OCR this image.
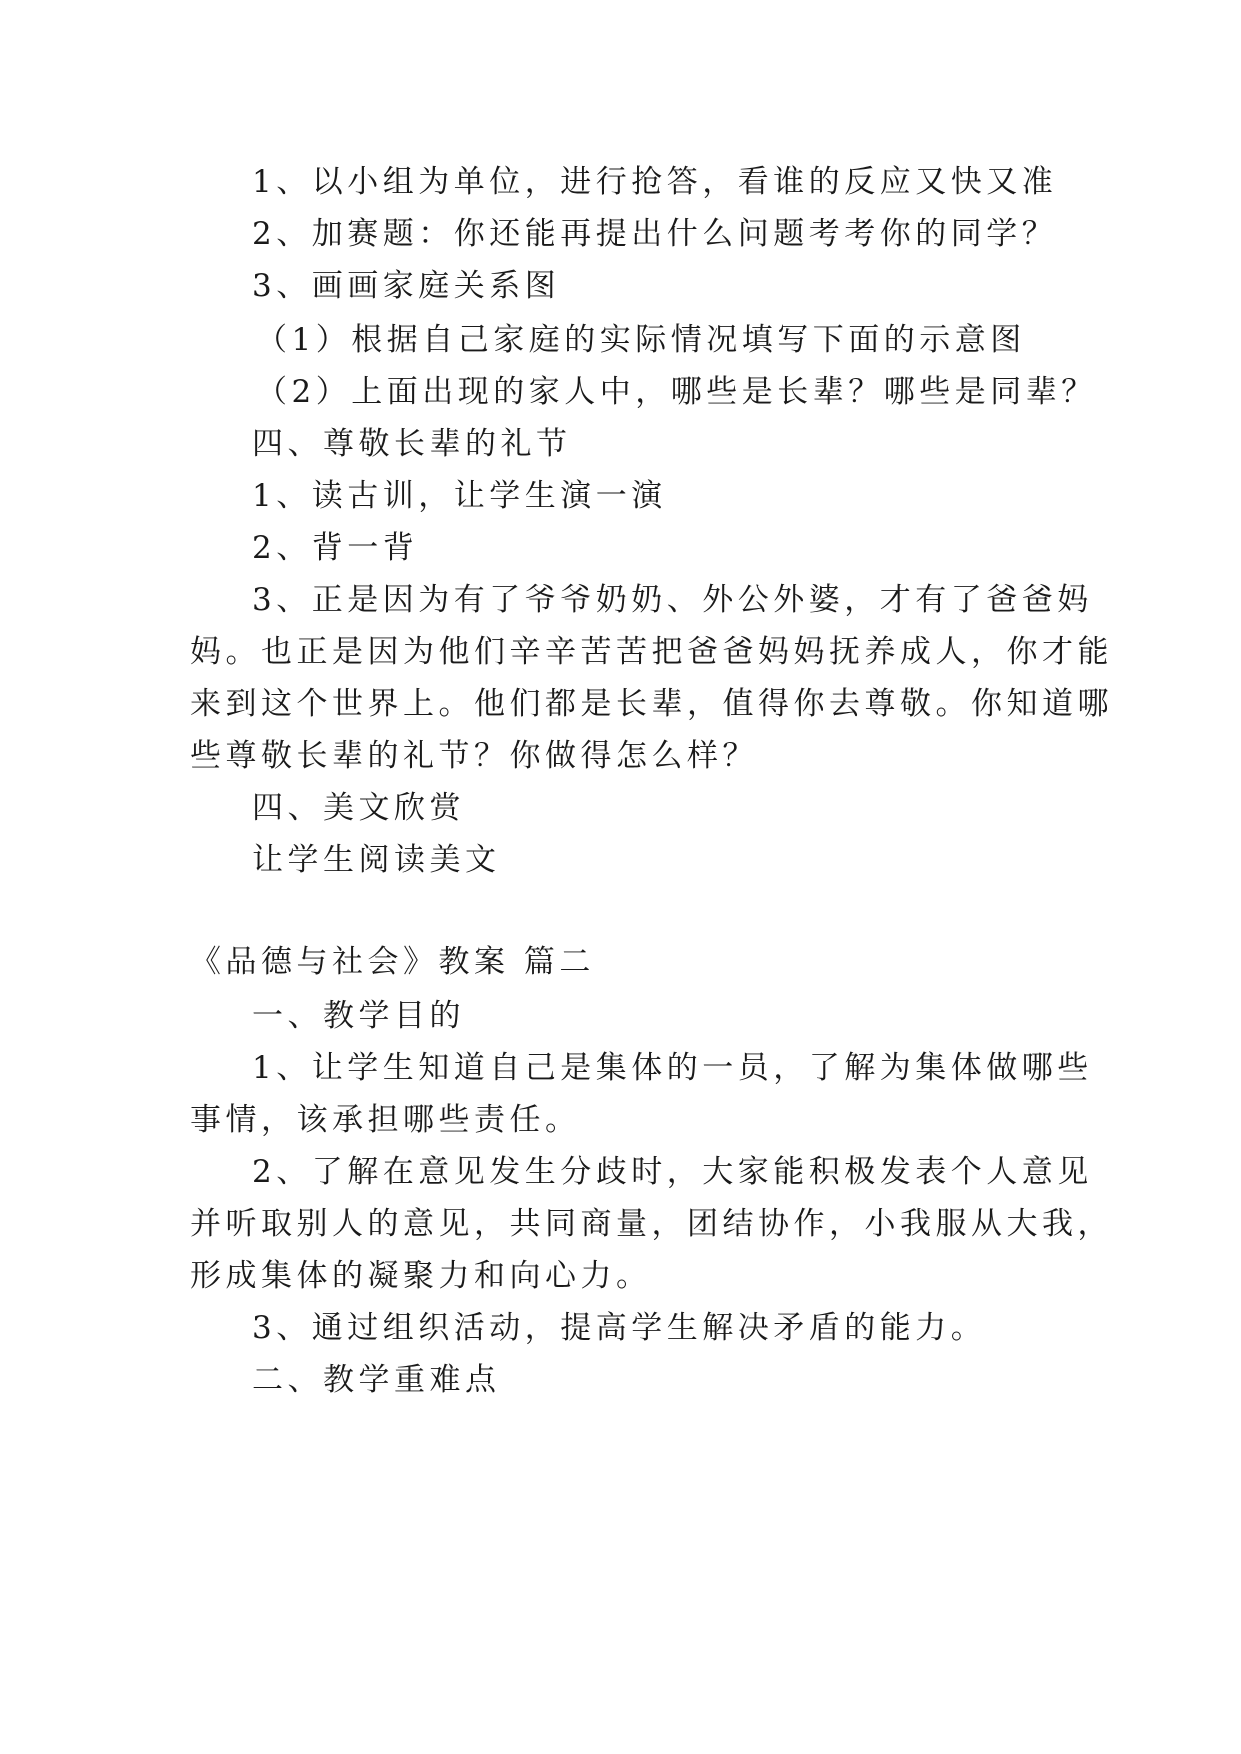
1、以小组为单位，进行抢答，看谁的反应又快又准
2、加赛题：你还能再提出什么问题考考你的同学？
3、画画家庭关系图
（1）根据自己家庭的实际情况填写下面的示意图
（2）上面出现的家人中，哪些是长辈？哪些是同辈？
四、尊敬长辈的礼节
1、读古训，让学生演一演
2、背一背
3、正是因为有了爷爷奶奶、外公外婆，才有了爸爸妈
妈。也正是因为他们辛辛苦苦把爸爸妈妈抚养成人，你才能
来到这个世界上。他们都是长辈，值得你去尊敬。你知道哪
些尊敬长辈的礼节？你做得怎么样？
四、美文欣赏
让学生阅读美文
《品德与社会》教案 篇二
一、教学目的
1、让学生知道自己是集体的一员，了解为集体做哪些
事情，该承担哪些责任。
2、了解在意见发生分歧时，大家能积极发表个人意见
并听取别人的意见，共同商量，团结协作，小我服从大我，
形成集体的凝聚力和向心力。
3、通过组织活动，提高学生解决矛盾的能力。
二、教学重难点
